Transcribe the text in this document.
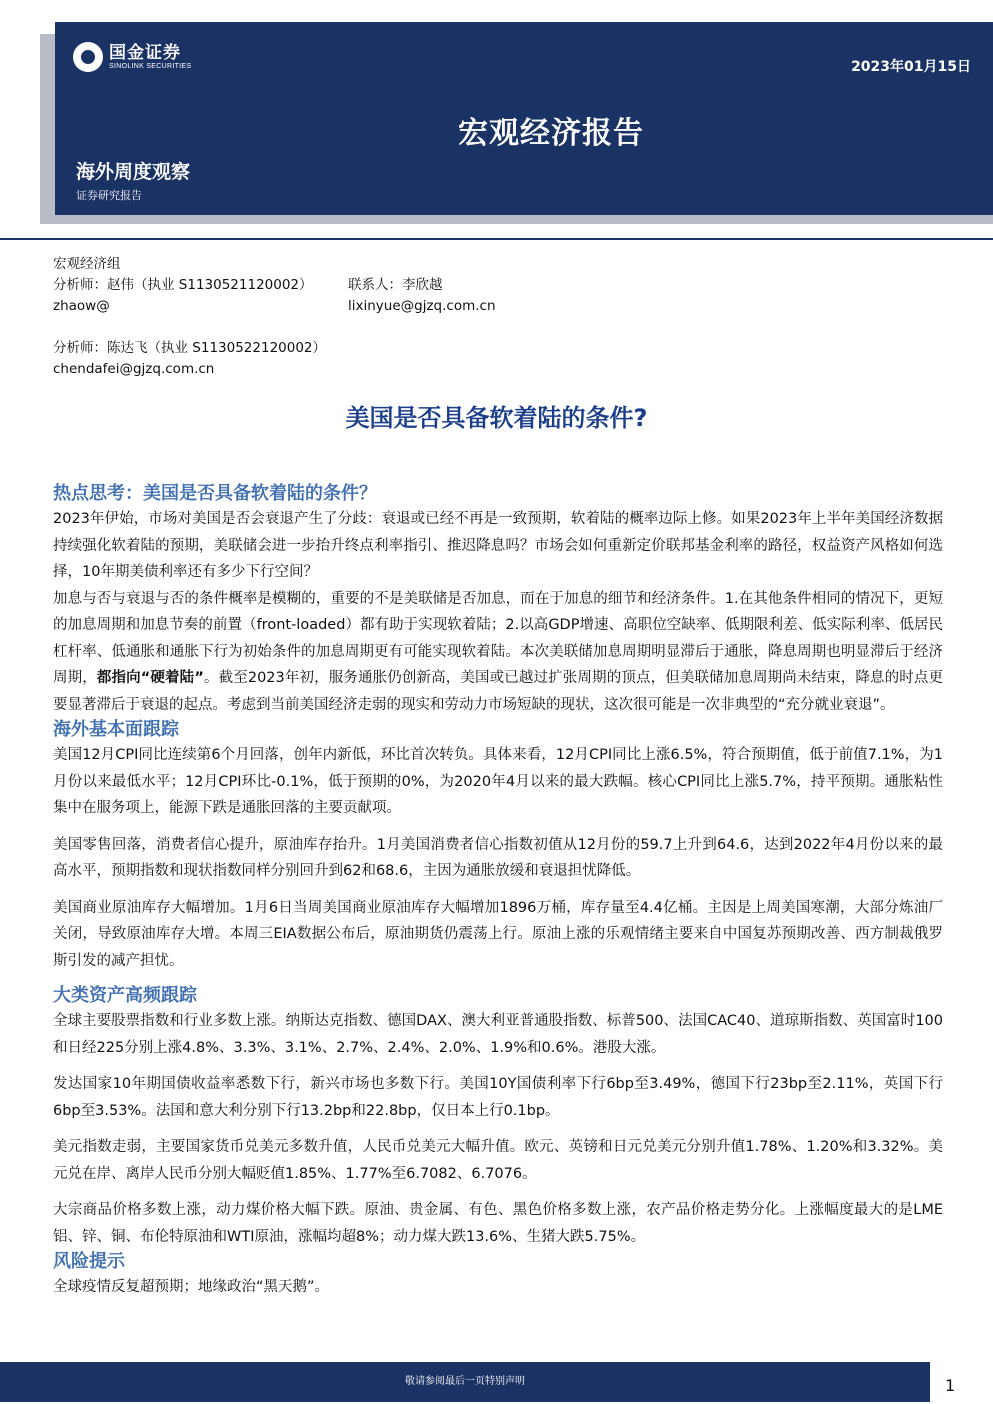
国金证券
SINOLINK SECURITIES	2023年01月15日
宏观经济报告
海外周度观察
证券研究报告
宏观经济组
分析师：赵伟（执业 S1130521120002）	联系人：李欣越
zhaow@	lixinyue@gjzq.com.cn
分析师：陈达飞（执业 S1130522120002）
chendafei@gjzq.com.cn
美国是否具备软着陆的条件?
热点思考：美国是否具备软着陆的条件？

2023年伊始，市场对美国是否会衰退产生了分歧：衰退或已经不再是一致预期，软着陆的概率边际上修。如果2023年上半年美国经济数据持续强化软着陆的预期，美联储会进一步抬升终点利率指引、推迟降息吗？市场会如何重新定价联邦基金利率的路径，权益资产风格如何选择，10年期美债利率还有多少下行空间？

加息与否与衰退与否的条件概率是模糊的，重要的不是美联储是否加息，而在于加息的细节和经济条件。1.在其他条件相同的情况下，更短的加息周期和加息节奏的前置（front-loaded）都有助于实现软着陆；2.以高GDP增速、高职位空缺率、低期限利差、低实际利率、低居民杠杆率、低通胀和通胀下行为初始条件的加息周期更有可能实现软着陆。本次美联储加息周期明显滞后于通胀，降息周期也明显滞后于经济周期，都指向“硬着陆”。截至2023年初，服务通胀仍创新高，美国或已越过扩张周期的顶点，但美联储加息周期尚未结束，降息的时点更要显著滞后于衰退的起点。考虑到当前美国经济走弱的现实和劳动力市场短缺的现状，这次很可能是一次非典型的“充分就业衰退”。

海外基本面跟踪

美国12月CPI同比连续第6个月回落，创年内新低，环比首次转负。具体来看，12月CPI同比上涨6.5%，符合预期值，低于前值7.1%，为1月份以来最低水平；12月CPI环比-0.1%，低于预期的0%，为2020年4月以来的最大跌幅。核心CPI同比上涨5.7%，持平预期。通胀粘性集中在服务项上，能源下跌是通胀回落的主要贡献项。

美国零售回落，消费者信心提升，原油库存抬升。1月美国消费者信心指数初值从12月份的59.7上升到64.6，达到2022年4月份以来的最高水平，预期指数和现状指数同样分别回升到62和68.6，主因为通胀放缓和衰退担忧降低。

美国商业原油库存大幅增加。1月6日当周美国商业原油库存大幅增加1896万桶，库存量至4.4亿桶。主因是上周美国寒潮，大部分炼油厂关闭，导致原油库存大增。本周三EIA数据公布后，原油期货仍震荡上行。原油上涨的乐观情绪主要来自中国复苏预期改善、西方制裁俄罗斯引发的减产担忧。

大类资产高频跟踪

全球主要股票指数和行业多数上涨。纳斯达克指数、德国DAX、澳大利亚普通股指数、标普500、法国CAC40、道琼斯指数、英国富时100和日经225分别上涨4.8%、3.3%、3.1%、2.7%、2.4%、2.0%、1.9%和0.6%。港股大涨。

发达国家10年期国债收益率悉数下行，新兴市场也多数下行。美国10Y国债利率下行6bp至3.49%，德国下行23bp至2.11%，英国下行6bp至3.53%。法国和意大利分别下行13.2bp和22.8bp，仅日本上行0.1bp。

美元指数走弱，主要国家货币兑美元多数升值，人民币兑美元大幅升值。欧元、英镑和日元兑美元分别升值1.78%、1.20%和3.32%。美元兑在岸、离岸人民币分别大幅贬值1.85%、1.77%至6.7082、6.7076。

大宗商品价格多数上涨，动力煤价格大幅下跌。原油、贵金属、有色、黑色价格多数上涨，农产品价格走势分化。上涨幅度最大的是LME铝、锌、铜、布伦特原油和WTI原油，涨幅均超8%；动力煤大跌13.6%、生猪大跌5.75%。

风险提示

全球疫情反复超预期；地缘政治“黑天鹅”。

敬请参阅最后一页特别声明	1
